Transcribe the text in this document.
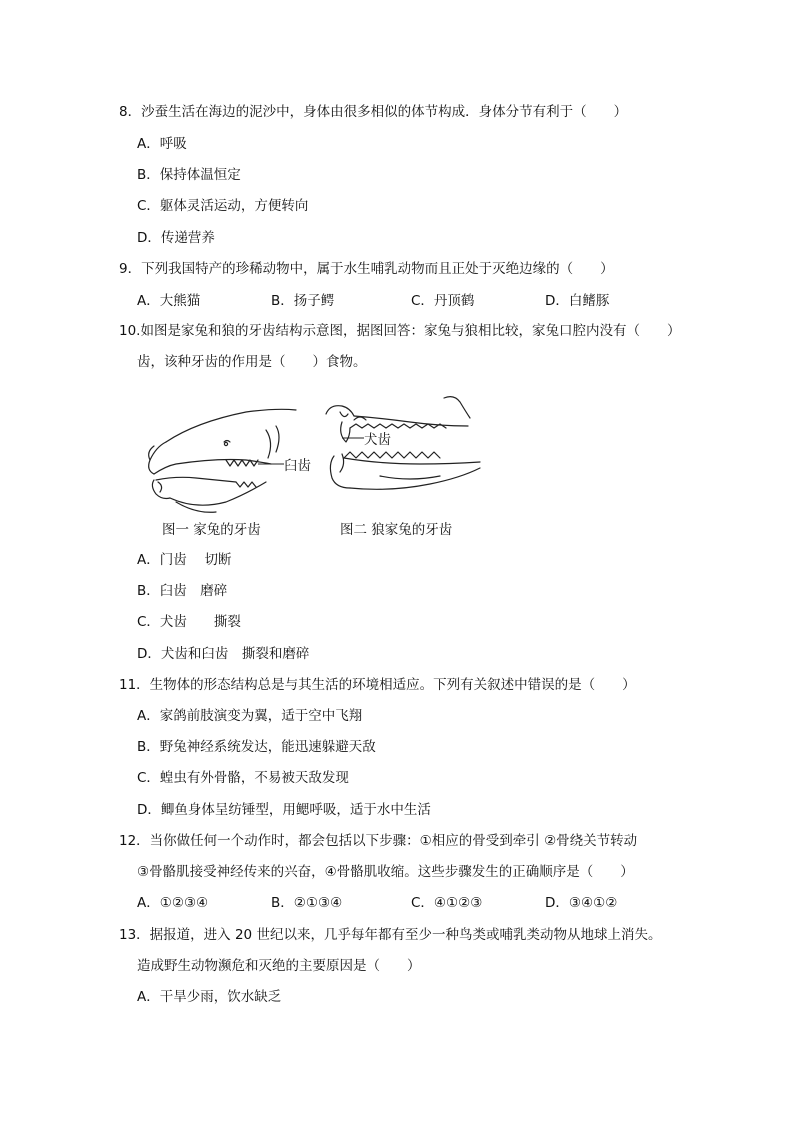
8．沙蚕生活在海边的泥沙中，身体由很多相似的体节构成．身体分节有利于（　　）
A．呼吸
B．保持体温恒定
C．躯体灵活运动，方便转向
D．传递营养
9．下列我国特产的珍稀动物中，属于水生哺乳动物而且正处于灭绝边缘的（　　）
A．大熊猫	B．扬子鳄	C．丹顶鹤	D．白鳍豚
10.如图是家兔和狼的牙齿结构示意图，据图回答：家兔与狼相比较，家兔口腔内没有（　　）
齿，该种牙齿的作用是（　　）食物。
臼齿
犬齿
图一 家兔的牙齿	图二 狼家兔的牙齿
A．门齿　 切断
B．臼齿　磨碎
C．犬齿　　撕裂
D．犬齿和臼齿　撕裂和磨碎
11．生物体的形态结构总是与其生活的环境相适应。下列有关叙述中错误的是（　　）
A．家鸽前肢演变为翼，适于空中飞翔
B．野兔神经系统发达，能迅速躲避天敌
C．蝗虫有外骨骼，不易被天敌发现
D．鲫鱼身体呈纺锤型，用鳃呼吸，适于水中生活
12．当你做任何一个动作时，都会包括以下步骤：①相应的骨受到牵引 ②骨绕关节转动
③骨骼肌接受神经传来的兴奋，④骨骼肌收缩。这些步骤发生的正确顺序是（　　）
A．①②③④	B．②①③④	C．④①②③	D．③④①②
13．据报道，进入 20 世纪以来，几乎每年都有至少一种鸟类或哺乳类动物从地球上消失。
造成野生动物濒危和灭绝的主要原因是（　　）
A．干旱少雨，饮水缺乏
